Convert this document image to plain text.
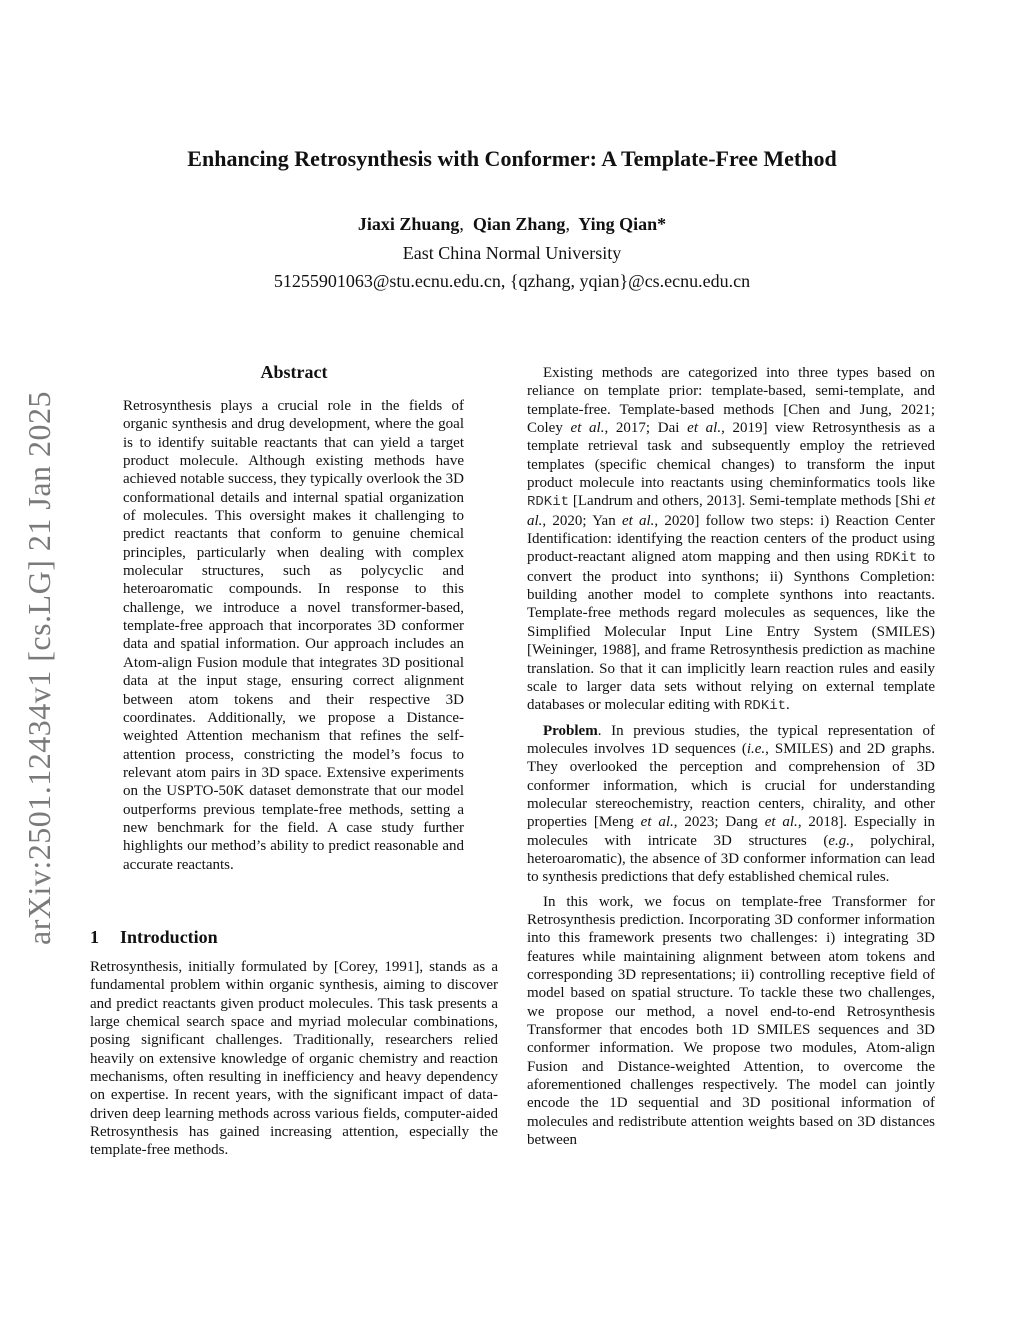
arXiv:2501.12434v1 [cs.LG] 21 Jan 2025
Enhancing Retrosynthesis with Conformer: A Template-Free Method
Jiaxi Zhuang, Qian Zhang, Ying Qian*
East China Normal University
51255901063@stu.ecnu.edu.cn, {qzhang, yqian}@cs.ecnu.edu.cn
Abstract

Retrosynthesis plays a crucial role in the fields of organic synthesis and drug development, where the goal is to identify suitable reactants that can yield a target product molecule. Although existing methods have achieved notable success, they typically overlook the 3D conformational details and internal spatial organization of molecules. This oversight makes it challenging to predict reactants that conform to genuine chemical principles, particularly when dealing with complex molecular structures, such as polycyclic and heteroaromatic compounds. In response to this challenge, we introduce a novel transformer-based, template-free approach that incorporates 3D conformer data and spatial information. Our approach includes an Atom-align Fusion module that integrates 3D positional data at the input stage, ensuring correct alignment between atom tokens and their respective 3D coordinates. Additionally, we propose a Distance-weighted Attention mechanism that refines the self-attention process, constricting the model’s focus to relevant atom pairs in 3D space. Extensive experiments on the USPTO-50K dataset demonstrate that our model outperforms previous template-free methods, setting a new benchmark for the field. A case study further highlights our method’s ability to predict reasonable and accurate reactants.

1 Introduction

Retrosynthesis, initially formulated by [Corey, 1991], stands as a fundamental problem within organic synthesis, aiming to discover and predict reactants given product molecules. This task presents a large chemical search space and myriad molecular combinations, posing significant challenges. Traditionally, researchers relied heavily on extensive knowledge of organic chemistry and reaction mechanisms, often resulting in inefficiency and heavy dependency on expertise. In recent years, with the significant impact of data-driven deep learning methods across various fields, computer-aided Retrosynthesis has gained increasing attention, especially the template-free methods.

Existing methods are categorized into three types based on reliance on template prior: template-based, semi-template, and template-free. Template-based methods [Chen and Jung, 2021; Coley et al., 2017; Dai et al., 2019] view Retrosynthesis as a template retrieval task and subsequently employ the retrieved templates (specific chemical changes) to transform the input product molecule into reactants using cheminformatics tools like RDKit [Landrum and others, 2013]. Semi-template methods [Shi et al., 2020; Yan et al., 2020] follow two steps: i) Reaction Center Identification: identifying the reaction centers of the product using product-reactant aligned atom mapping and then using RDKit to convert the product into synthons; ii) Synthons Completion: building another model to complete synthons into reactants. Template-free methods regard molecules as sequences, like the Simplified Molecular Input Line Entry System (SMILES) [Weininger, 1988], and frame Retrosynthesis prediction as machine translation. So that it can implicitly learn reaction rules and easily scale to larger data sets without relying on external template databases or molecular editing with RDKit.

Problem. In previous studies, the typical representation of molecules involves 1D sequences (i.e., SMILES) and 2D graphs. They overlooked the perception and comprehension of 3D conformer information, which is crucial for understanding molecular stereochemistry, reaction centers, chirality, and other properties [Meng et al., 2023; Dang et al., 2018]. Especially in molecules with intricate 3D structures (e.g., polychiral, heteroaromatic), the absence of 3D conformer information can lead to synthesis predictions that defy established chemical rules.

In this work, we focus on template-free Transformer for Retrosynthesis prediction. Incorporating 3D conformer information into this framework presents two challenges: i) integrating 3D features while maintaining alignment between atom tokens and corresponding 3D representations; ii) controlling receptive field of model based on spatial structure. To tackle these two challenges, we propose our method, a novel end-to-end Retrosynthesis Transformer that encodes both 1D SMILES sequences and 3D conformer information. We propose two modules, Atom-align Fusion and Distance-weighted Attention, to overcome the aforementioned challenges respectively. The model can jointly encode the 1D sequential and 3D positional information of molecules and redistribute attention weights based on 3D distances between
